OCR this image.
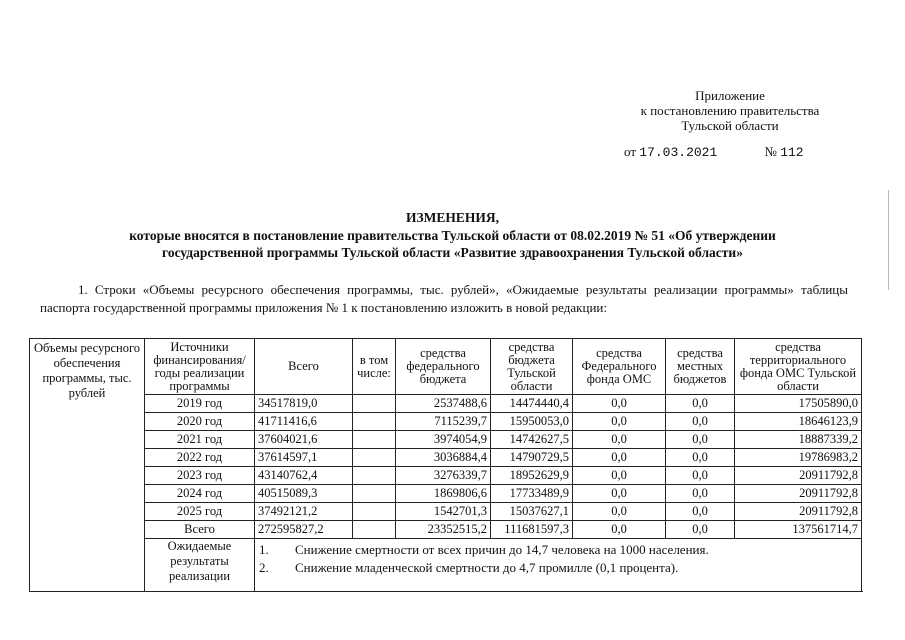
Приложение
к постановлению правительства
Тульской области
от 17.03.2021	№ 112
ИЗМЕНЕНИЯ,
которые вносятся в постановление правительства Тульской области от 08.02.2019 № 51 «Об утверждении
государственной программы Тульской области «Развитие здравоохранения Тульской области»
1. Строки «Объемы ресурсного обеспечения программы, тыс. рублей», «Ожидаемые результаты реализации программы» таблицы паспорта государственной программы приложения № 1 к постановлению изложить в новой редакции:
Объемы ресурсного обеспечения программы, тыс. рублей	Источники финансирования/ годы реализации программы	Всего	в том числе:	средства федерального бюджета	средства бюджета Тульской области	средства Федерального фонда ОМС	средства местных бюджетов	средства территориального фонда ОМС Тульской области
	2019 год	34517819,0		2537488,6	14474440,4	0,0	0,0	17505890,0
	2020 год	41711416,6		7115239,7	15950053,0	0,0	0,0	18646123,9
	2021 год	37604021,6		3974054,9	14742627,5	0,0	0,0	18887339,2
	2022 год	37614597,1		3036884,4	14790729,5	0,0	0,0	19786983,2
	2023 год	43140762,4		3276339,7	18952629,9	0,0	0,0	20911792,8
	2024 год	40515089,3		1869806,6	17733489,9	0,0	0,0	20911792,8
	2025 год	37492121,2		1542701,3	15037627,1	0,0	0,0	20911792,8
	Всего	272595827,2		23352515,2	111681597,3	0,0	0,0	137561714,7
	Ожидаемые результаты реализации	1. Снижение смертности от всех причин до 14,7 человека на 1000 населения.
2. Снижение младенческой смертности до 4,7 промилле (0,1 процента).						
